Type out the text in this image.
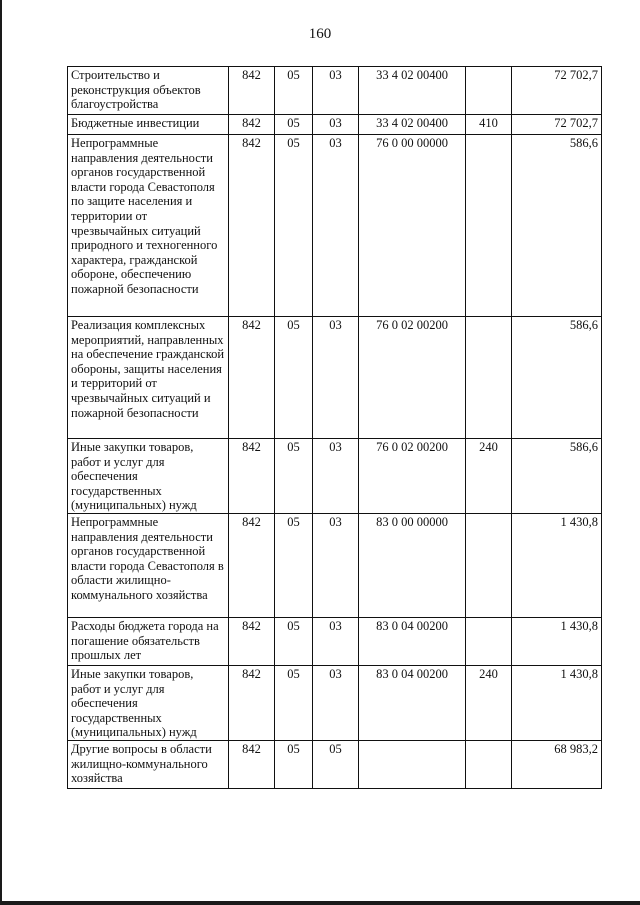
160
Строительство и реконструкция объектов благоустройства	842	05	03	33 4 02 00400		72 702,7
Бюджетные инвестиции	842	05	03	33 4 02 00400	410	72 702,7
Непрограммные направления деятельности органов государственной власти города Севастополя по защите населения и территории от чрезвычайных ситуаций природного и техногенного характера, гражданской обороне, обеспечению пожарной безопасности	842	05	03	76 0 00 00000		586,6
Реализация комплексных мероприятий, направленных на обеспечение гражданской обороны, защиты населения и территорий от чрезвычайных ситуаций и пожарной безопасности	842	05	03	76 0 02 00200		586,6
Иные закупки товаров, работ и услуг для обеспечения государственных (муниципальных) нужд	842	05	03	76 0 02 00200	240	586,6
Непрограммные направления деятельности органов государственной власти города Севастополя в области жилищно-коммунального хозяйства	842	05	03	83 0 00 00000		1 430,8
Расходы бюджета города на погашение обязательств прошлых лет	842	05	03	83 0 04 00200		1 430,8
Иные закупки товаров, работ и услуг для обеспечения государственных (муниципальных) нужд	842	05	03	83 0 04 00200	240	1 430,8
Другие вопросы в области жилищно-коммунального хозяйства	842	05	05			68 983,2
